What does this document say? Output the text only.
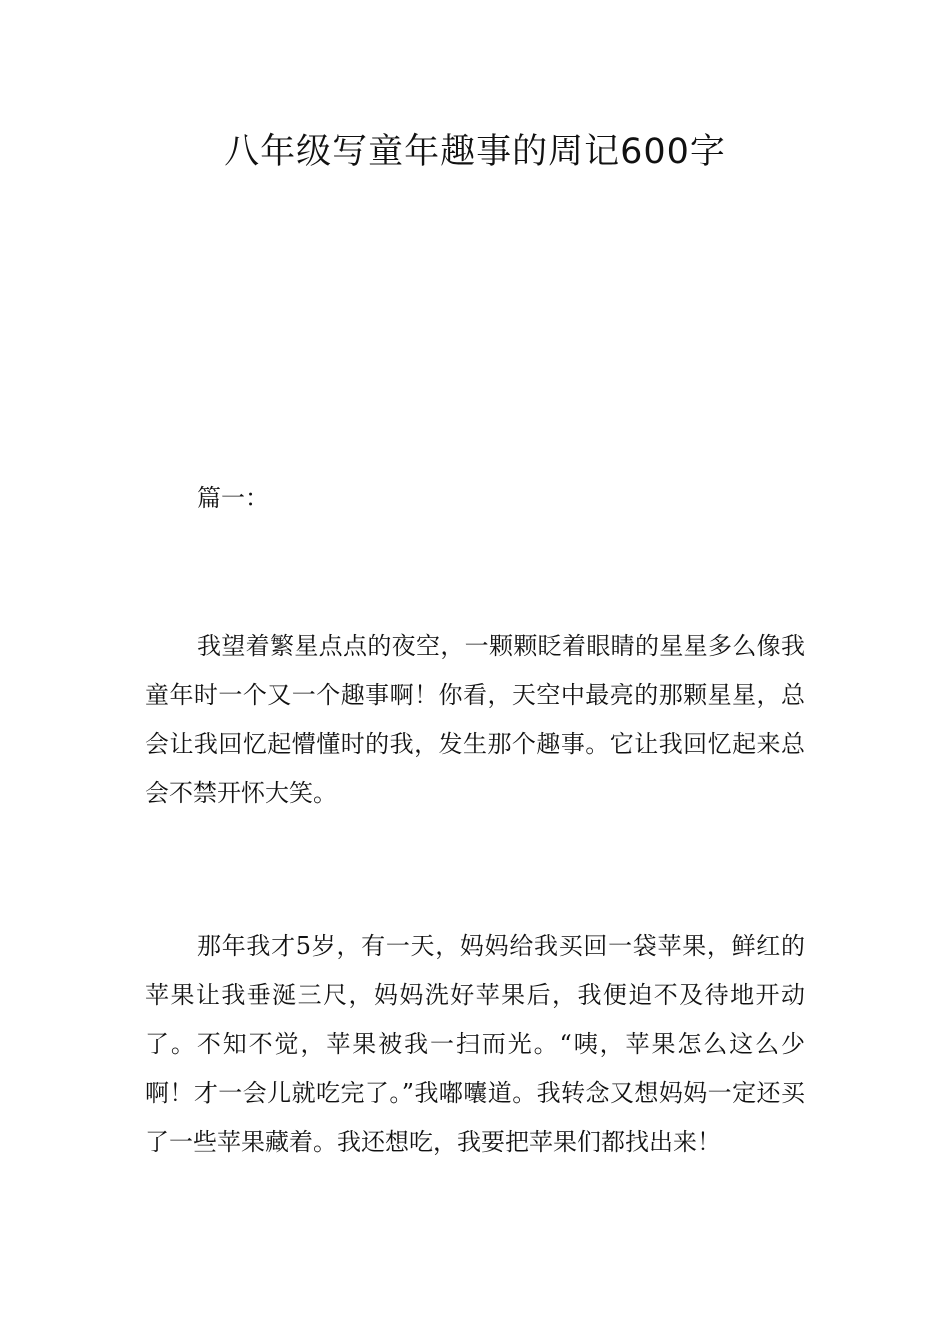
八年级写童年趣事的周记600字
篇一：

我望着繁星点点的夜空，一颗颗眨着眼睛的星星多么像我童年时一个又一个趣事啊！你看，天空中最亮的那颗星星，总会让我回忆起懵懂时的我，发生那个趣事。它让我回忆起来总会不禁开怀大笑。

那年我才5岁，有一天，妈妈给我买回一袋苹果，鲜红的苹果让我垂涎三尺，妈妈洗好苹果后，我便迫不及待地开动了。不知不觉，苹果被我一扫而光。“咦，苹果怎么这么少啊！才一会儿就吃完了。”我嘟囔道。我转念又想妈妈一定还买了一些苹果藏着。我还想吃，我要把苹果们都找出来！
